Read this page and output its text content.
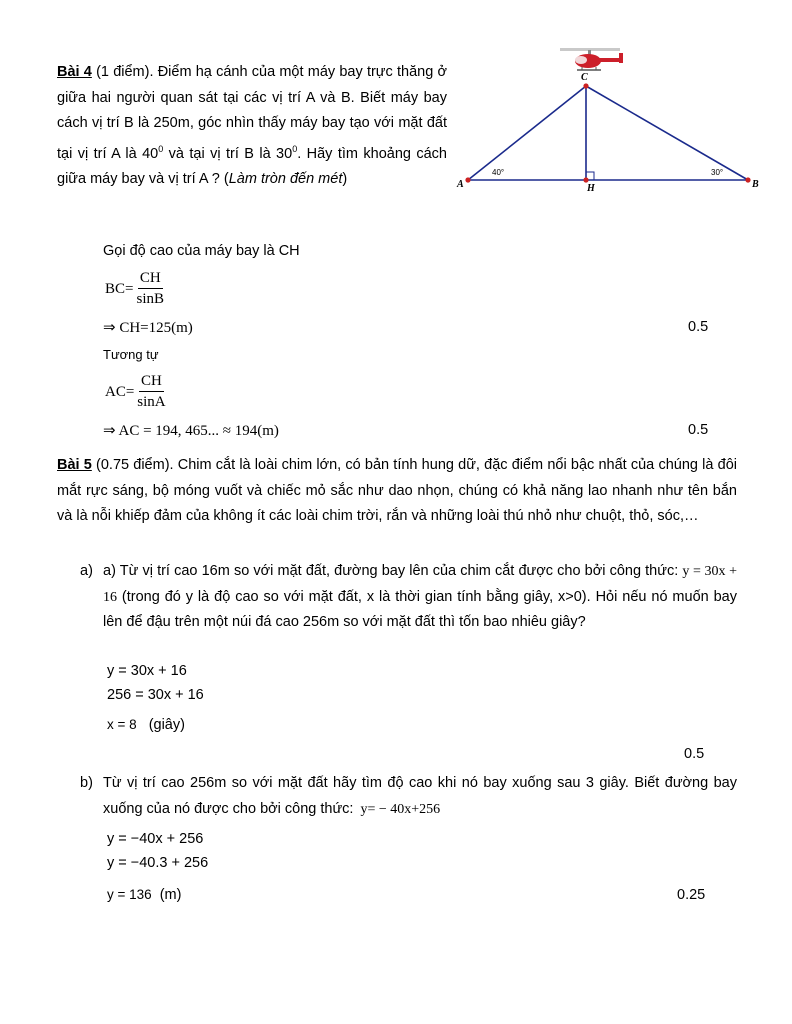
Bài 4 (1 điểm). Điểm hạ cánh của một máy bay trực thăng ở giữa hai người quan sát tại các vị trí A và B. Biết máy bay cách vị trí B là 250m, góc nhìn thấy máy bay tạo với mặt đất tại vị trí A là $40^0$ và tại vị trí B là $30^0$. Hãy tìm khoảng cách giữa máy bay và vị trí A ? (Làm tròn đến mét)
C
A	B
H
40°	30°
Gọi độ cao của máy bay là CH
$BC= \frac{CH}{\sin B}$
⇒ CH=125(m)	0.5
Tương tự
$AC= \frac{CH}{\sin A}$
⇒ AC = 194, 465... ≈ 194(m)	0.5
Bài 5 (0.75 điểm). Chim cắt là loài chim lớn, có bản tính hung dữ, đặc điểm nổi bậc nhất của chúng là đôi mắt rực sáng, bộ móng vuốt và chiếc mỏ sắc như dao nhọn, chúng có khả năng lao nhanh như tên bắn và là nỗi khiếp đảm của không ít các loài chim trời, rắn và những loài thú nhỏ như chuột, thỏ, sóc,…
a) a) Từ vị trí cao 16m so với mặt đất, đường bay lên của chim cắt được cho bởi công thức: y = 30x + 16 (trong đó y là độ cao so với mặt đất, x là thời gian tính bằng giây, x>0). Hỏi nếu nó muốn bay lên để đậu trên một núi đá cao 256m so với mặt đất thì tốn bao nhiêu giây?
y = 30x + 16
256 = 30x + 16
x = 8 (giây)
0.5
b) Từ vị trí cao 256m so với mặt đất hãy tìm độ cao khi nó bay xuống sau 3 giây. Biết đường bay xuống của nó được cho bởi công thức: y= − 40x+256
y = −40x + 256
y = −40.3 + 256
y = 136 (m)	0.25
